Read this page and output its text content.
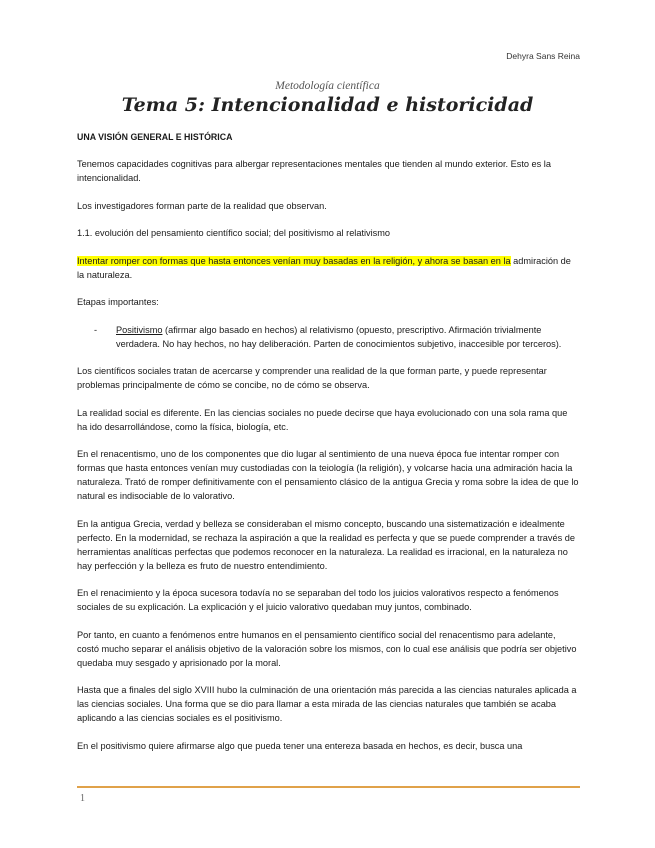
Dehyra Sans Reina
Metodología científica
Tema 5: Intencionalidad e historicidad

UNA VISIÓN GENERAL E HISTÓRICA

Tenemos capacidades cognitivas para albergar representaciones mentales que tienden al mundo exterior. Esto es la intencionalidad.

Los investigadores forman parte de la realidad que observan.

1.1. evolución del pensamiento científico social; del positivismo al relativismo

Intentar romper con formas que hasta entonces venían muy basadas en la religión, y ahora se basan en la admiración de la naturaleza.

Etapas importantes:

- Positivismo (afirmar algo basado en hechos) al relativismo (opuesto, prescriptivo. Afirmación trivialmente verdadera. No hay hechos, no hay deliberación. Parten de conocimientos subjetivo, inaccesible por terceros).

Los científicos sociales tratan de acercarse y comprender una realidad de la que forman parte, y puede representar problemas principalmente de cómo se concibe, no de cómo se observa.

La realidad social es diferente. En las ciencias sociales no puede decirse que haya evolucionado con una sola rama que ha ido desarrollándose, como la física, biología, etc.

En el renacentismo, uno de los componentes que dio lugar al sentimiento de una nueva época fue intentar romper con formas que hasta entonces venían muy custodiadas con la teiología (la religión), y volcarse hacia una admiración hacia la naturaleza. Trató de romper definitivamente con el pensamiento clásico de la antigua Grecia y roma sobre la idea de que lo natural es indisociable de lo valorativo.

En la antigua Grecia, verdad y belleza se consideraban el mismo concepto, buscando una sistematización e idealmente perfecto. En la modernidad, se rechaza la aspiración a que la realidad es perfecta y que se puede comprender a través de herramientas analíticas perfectas que podemos reconocer en la naturaleza. La realidad es irracional, en la naturaleza no hay perfección y la belleza es fruto de nuestro entendimiento.

En el renacimiento y la época sucesora todavía no se separaban del todo los juicios valorativos respecto a fenómenos sociales de su explicación. La explicación y el juicio valorativo quedaban muy juntos, combinado.

Por tanto, en cuanto a fenómenos entre humanos en el pensamiento científico social del renacentismo para adelante, costó mucho separar el análisis objetivo de la valoración sobre los mismos, con lo cual ese análisis que podría ser objetivo quedaba muy sesgado y aprisionado por la moral.

Hasta que a finales del siglo XVIII hubo la culminación de una orientación más parecida a las ciencias naturales aplicada a las ciencias sociales. Una forma que se dio para llamar a esta mirada de las ciencias naturales que también se acaba aplicando a las ciencias sociales es el positivismo.

En el positivismo quiere afirmarse algo que pueda tener una entereza basada en hechos, es decir, busca una

1
